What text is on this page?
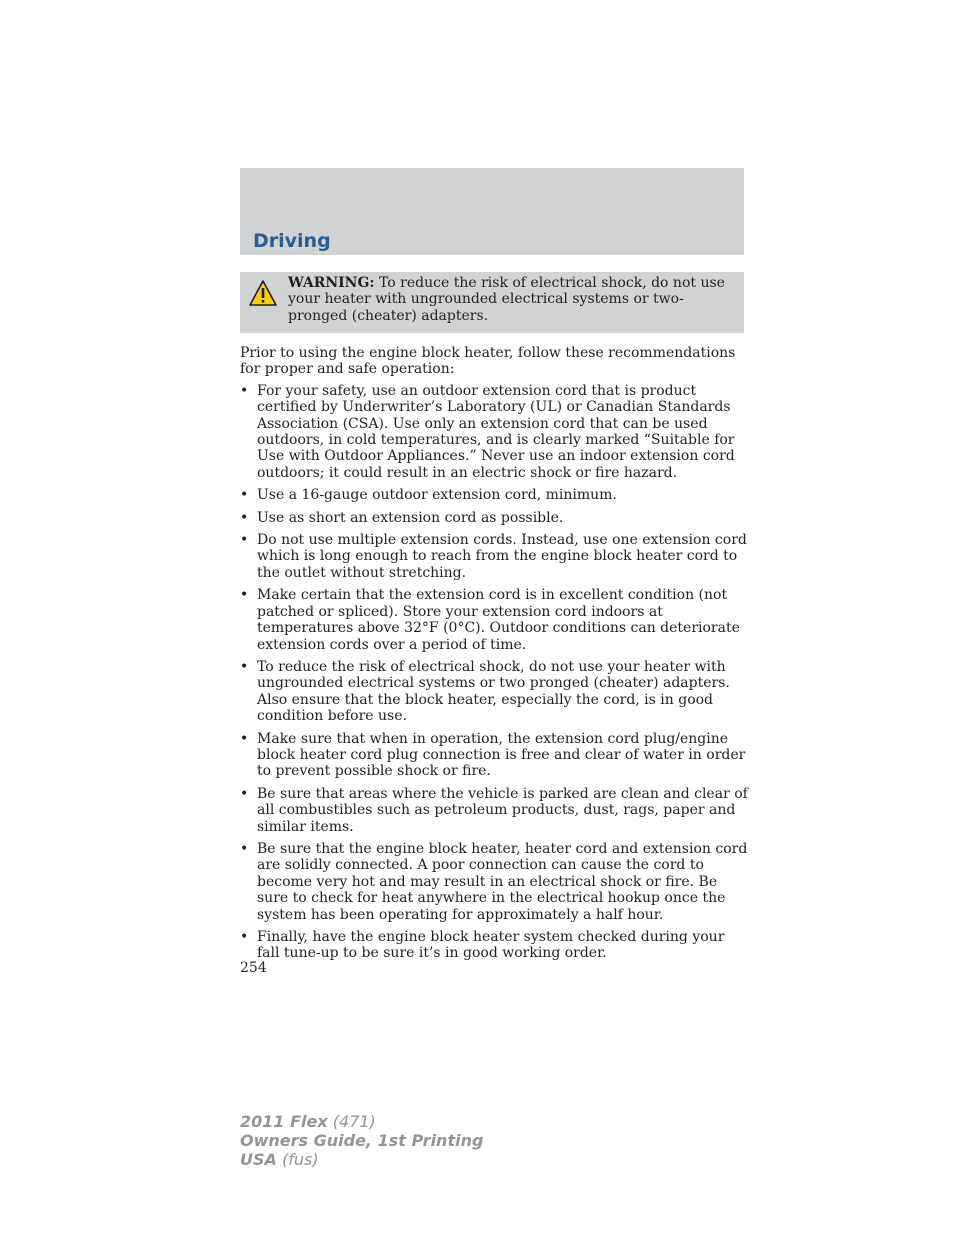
Driving
WARNING: To reduce the risk of electrical shock, do not use your heater with ungrounded electrical systems or two-pronged (cheater) adapters.

Prior to using the engine block heater, follow these recommendations for proper and safe operation:

• For your safety, use an outdoor extension cord that is product certified by Underwriter’s Laboratory (UL) or Canadian Standards Association (CSA). Use only an extension cord that can be used outdoors, in cold temperatures, and is clearly marked “Suitable for Use with Outdoor Appliances.” Never use an indoor extension cord outdoors; it could result in an electric shock or fire hazard.
• Use a 16-gauge outdoor extension cord, minimum.
• Use as short an extension cord as possible.
• Do not use multiple extension cords. Instead, use one extension cord which is long enough to reach from the engine block heater cord to the outlet without stretching.
• Make certain that the extension cord is in excellent condition (not patched or spliced). Store your extension cord indoors at temperatures above 32°F (0°C). Outdoor conditions can deteriorate extension cords over a period of time.
• To reduce the risk of electrical shock, do not use your heater with ungrounded electrical systems or two pronged (cheater) adapters. Also ensure that the block heater, especially the cord, is in good condition before use.
• Make sure that when in operation, the extension cord plug/engine block heater cord plug connection is free and clear of water in order to prevent possible shock or fire.
• Be sure that areas where the vehicle is parked are clean and clear of all combustibles such as petroleum products, dust, rags, paper and similar items.
• Be sure that the engine block heater, heater cord and extension cord are solidly connected. A poor connection can cause the cord to become very hot and may result in an electrical shock or fire. Be sure to check for heat anywhere in the electrical hookup once the system has been operating for approximately a half hour.
• Finally, have the engine block heater system checked during your fall tune-up to be sure it’s in good working order.
254
2011 Flex (471)
Owners Guide, 1st Printing
USA (fus)
